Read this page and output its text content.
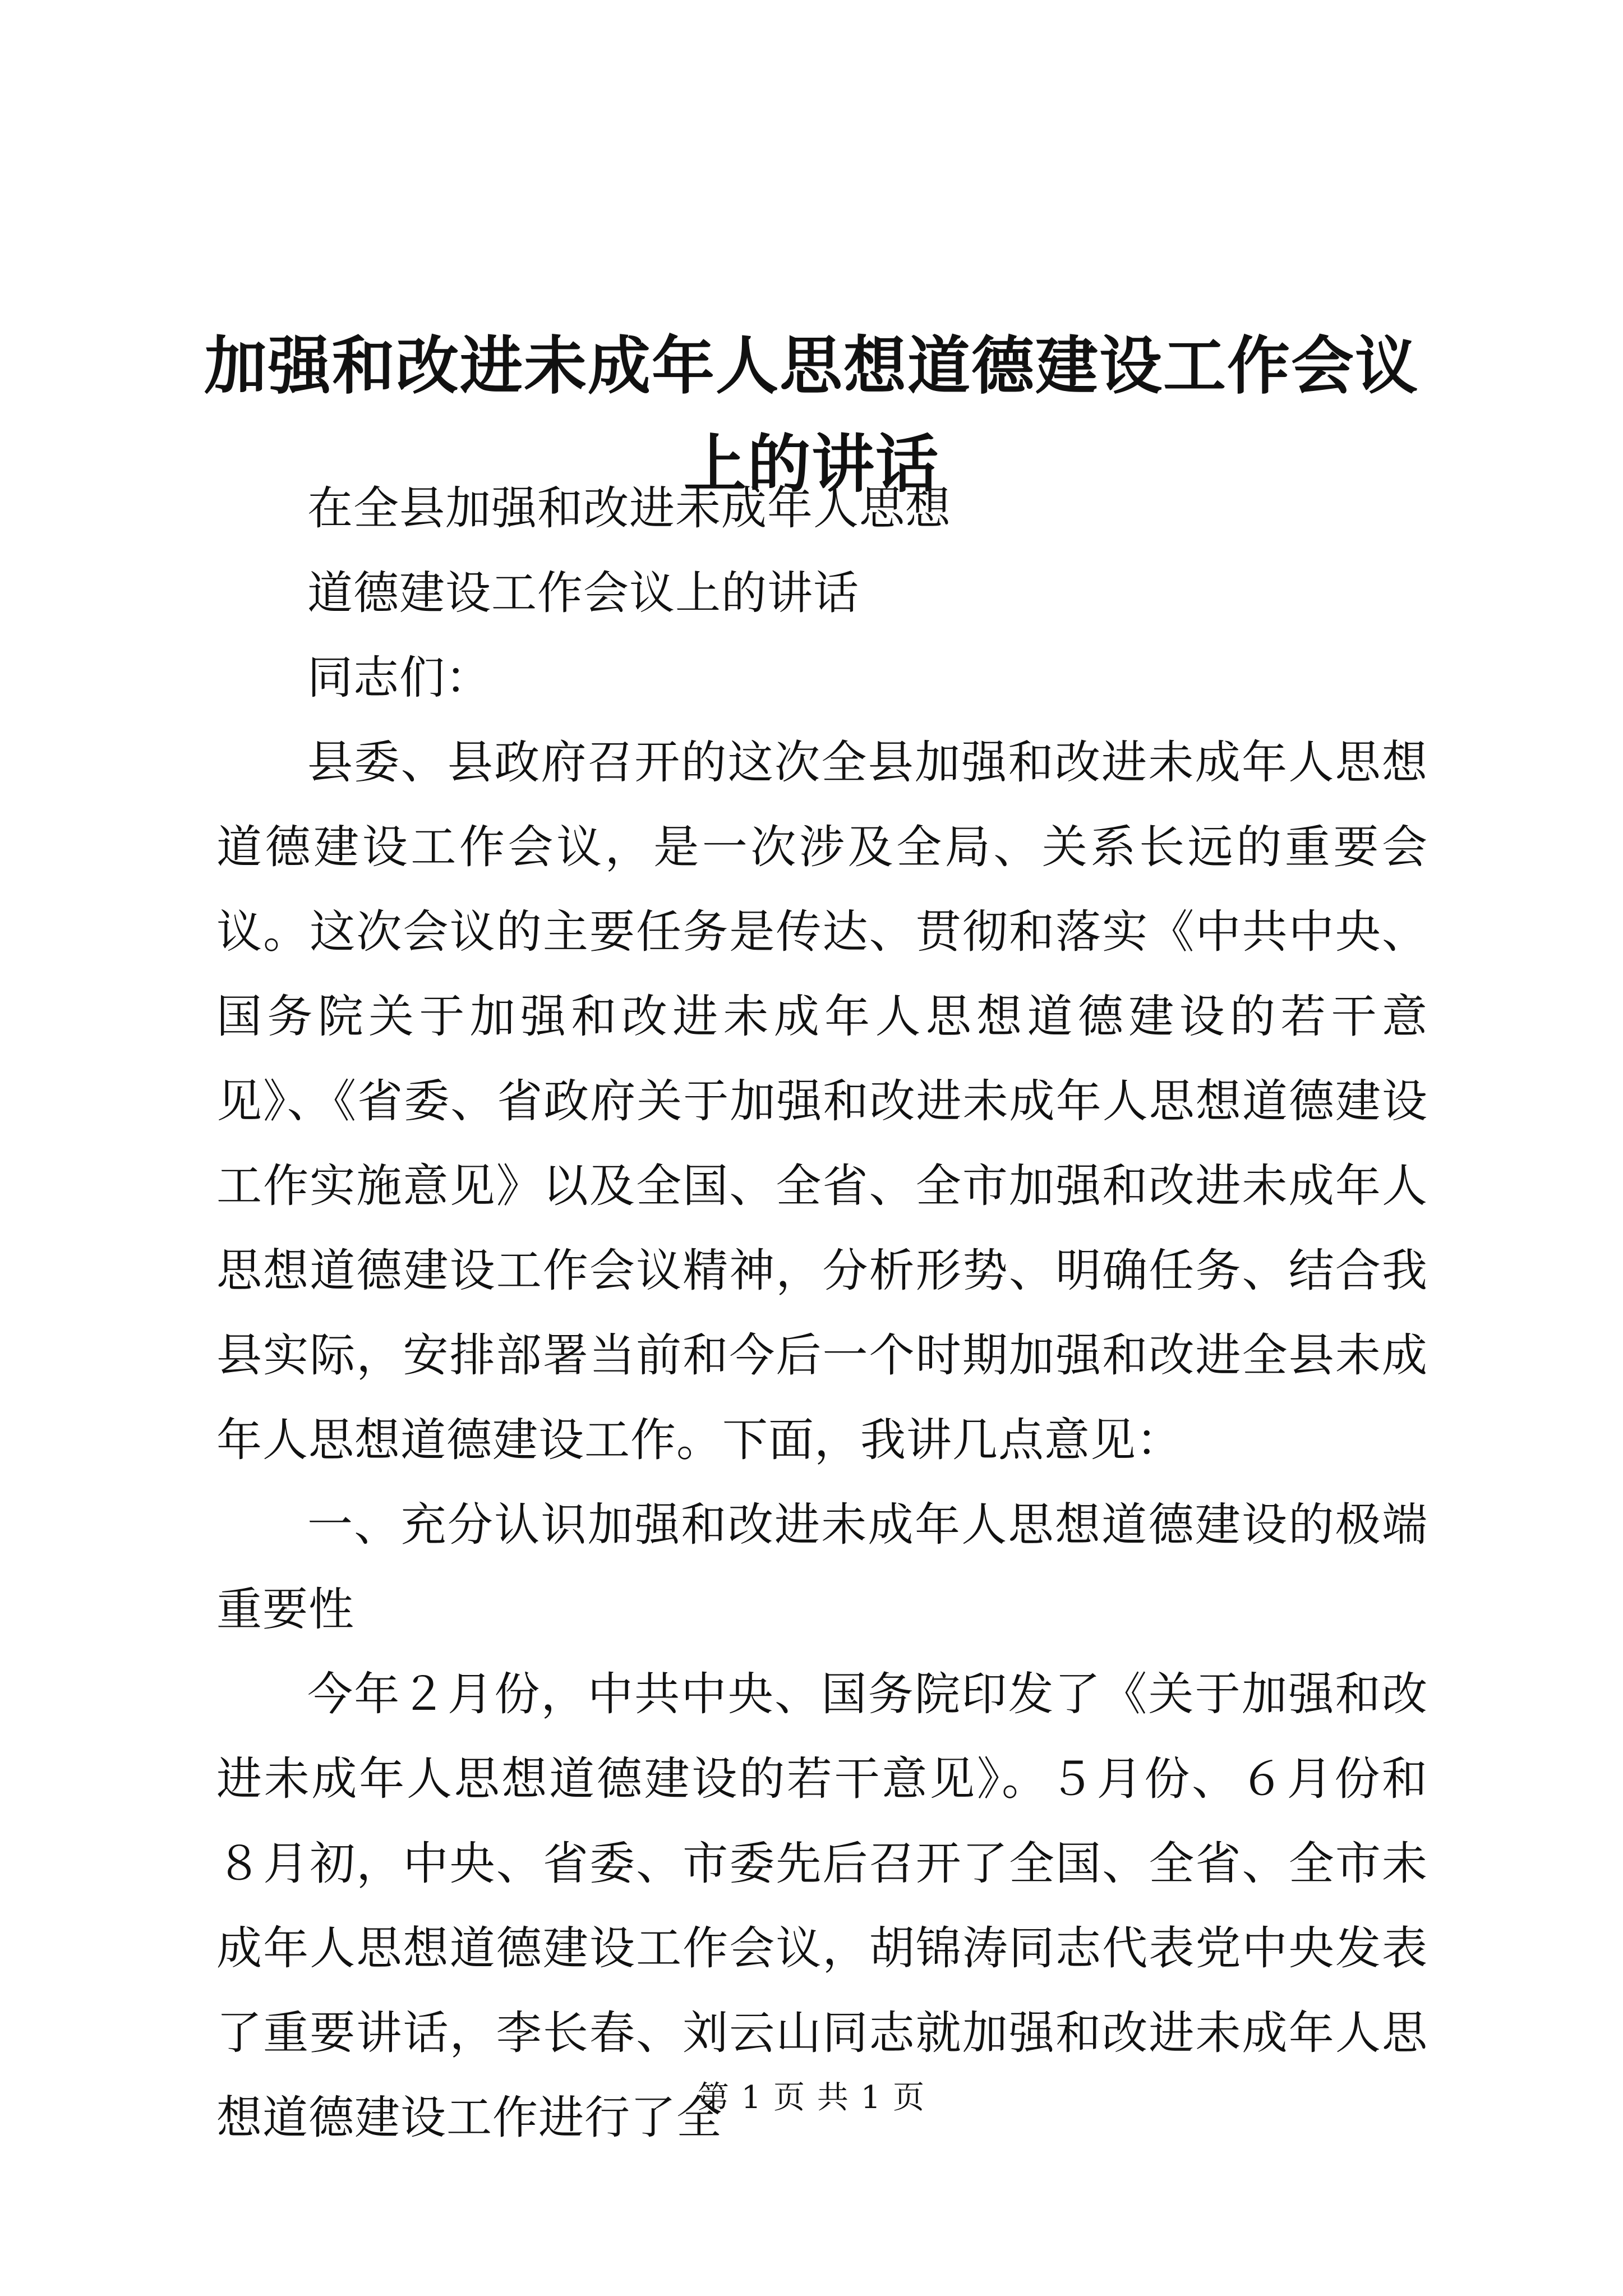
加强和改进未成年人思想道德建设工作会议上的讲话

在全县加强和改进未成年人思想

道德建设工作会议上的讲话

同志们：

县委、县政府召开的这次全县加强和改进未成年人思想道德建设工作会议，是一次涉及全局、关系长远的重要会议。这次会议的主要任务是传达、贯彻和落实《中共中央、国务院关于加强和改进未成年人思想道德建设的若干意见》、《省委、省政府关于加强和改进未成年人思想道德建设工作实施意见》以及全国、全省、全市加强和改进未成年人思想道德建设工作会议精神，分析形势、明确任务、结合我县实际，安排部署当前和今后一个时期加强和改进全县未成年人思想道德建设工作。下面，我讲几点意见：

一、充分认识加强和改进未成年人思想道德建设的极端重要性

今年２月份，中共中央、国务院印发了《关于加强和改进未成年人思想道德建设的若干意见》。５月份、６月份和８月初，中央、省委、市委先后召开了全国、全省、全市未成年人思想道德建设工作会议，胡锦涛同志代表党中央发表了重要讲话，李长春、刘云山同志就加强和改进未成年人思想道德建设工作进行了全

第 1 页 共 1 页
